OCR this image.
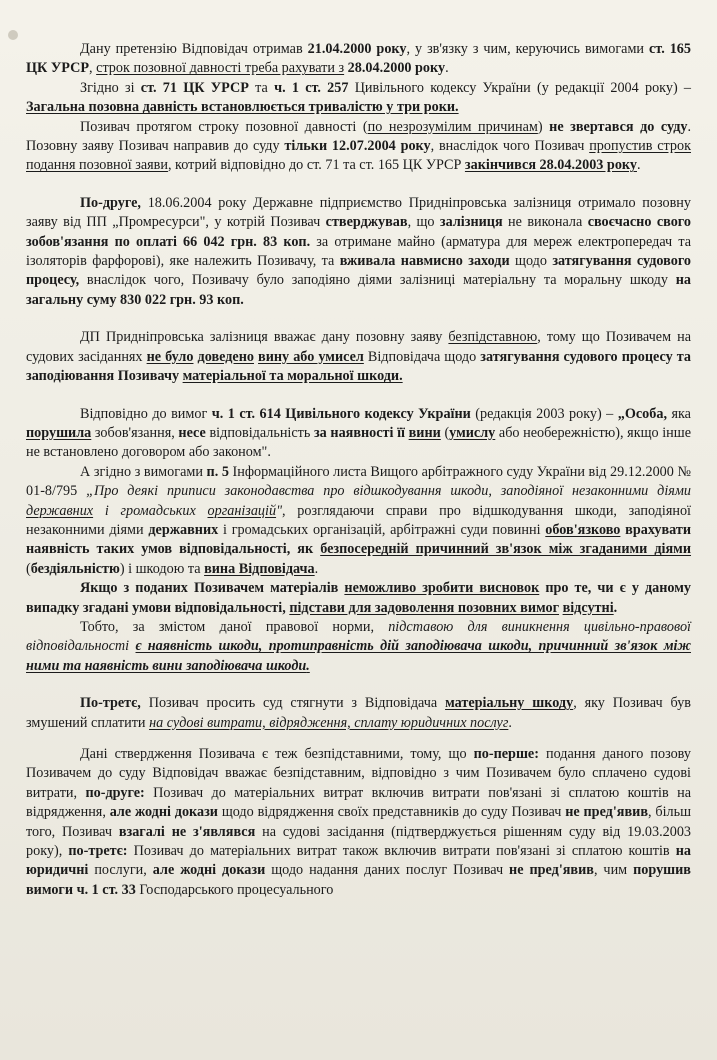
Дану претензію Відповідач отримав 21.04.2000 року, у зв'язку з чим, керуючись вимогами ст. 165 ЦК УРСР, строк позовної давності треба рахувати з 28.04.2000 року.

Згідно зі ст. 71 ЦК УРСР та ч. 1 ст. 257 Цивільного кодексу України (у редакції 2004 року) – Загальна позовна давність встановлюється тривалістю у три роки.

Позивач протягом строку позовної давності (по незрозумілим причинам) не звертався до суду. Позовну заяву Позивач направив до суду тільки 12.07.2004 року, внаслідок чого Позивач пропустив строк подання позовної заяви, котрий відповідно до ст. 71 та ст. 165 ЦК УРСР закінчився 28.04.2003 року.

По-друге, 18.06.2004 року Державне підприємство Придніпровська залізниця отримало позовну заяву від ПП „Промресурси", у котрій Позивач стверджував, що залізниця не виконала своєчасно свого зобов'язання по оплаті 66 042 грн. 83 коп. за отримане майно (арматура для мереж електропередач та ізоляторів фарфорові), яке належить Позивачу, та вживала навмисно заходи щодо затягування судового процесу, внаслідок чого, Позивачу було заподіяно діями залізниці матеріальну та моральну шкоду на загальну суму 830 022 грн. 93 коп.

ДП Придніпровська залізниця вважає дану позовну заяву безпідставною, тому що Позивачем на судових засіданнях не було доведено вину або умисел Відповідача щодо затягування судового процесу та заподіювання Позивачу матеріальної та моральної шкоди.

Відповідно до вимог ч. 1 ст. 614 Цивільного кодексу України (редакція 2003 року) – „Особа, яка порушила зобов'язання, несе відповідальність за наявності її вини (умислу або необережністю), якщо інше не встановлено договором або законом".

А згідно з вимогами п. 5 Інформаційного листа Вищого арбітражного суду України від 29.12.2000 № 01-8/795 „Про деякі приписи законодавства про відшкодування шкоди, заподіяної незаконними діями державних і громадських організацій", розглядаючи справи про відшкодування шкоди, заподіяної незаконними діями державних і громадських організацій, арбітражні суди повинні обов'язково врахувати наявність таких умов відповідальності, як безпосередній причинний зв'язок між згаданими діями (бездіяльністю) і шкодою та вина Відповідача.

Якщо з поданих Позивачем матеріалів неможливо зробити висновок про те, чи є у даному випадку згадані умови відповідальності, підстави для задоволення позовних вимог відсутні.

Тобто, за змістом даної правової норми, підставою для виникнення цивільно-правової відповідальності є наявність шкоди, протиправність дій заподіювача шкоди, причинний зв'язок між ними та наявність вини заподіювача шкоди.

По-третє, Позивач просить суд стягнути з Відповідача матеріальну шкоду, яку Позивач був змушений сплатити на судові витрати, відрядження, сплату юридичних послуг.

Дані ствердження Позивача є теж безпідставними, тому, що по-перше: подання даного позову Позивачем до суду Відповідач вважає безпідставним, відповідно з чим Позивачем було сплачено судові витрати, по-друге: Позивач до матеріальних витрат включив витрати пов'язані зі сплатою коштів на відрядження, але жодні докази щодо відрядження своїх представників до суду Позивач не пред'явив, більш того, Позивач взагалі не з'являвся на судові засідання (підтверджується рішенням суду від 19.03.2003 року), по-третє: Позивач до матеріальних витрат також включив витрати пов'язані зі сплатою коштів на юридичні послуги, але жодні докази щодо надання даних послуг Позивач не пред'явив, чим порушив вимоги ч. 1 ст. 33 Господарського процесуального
